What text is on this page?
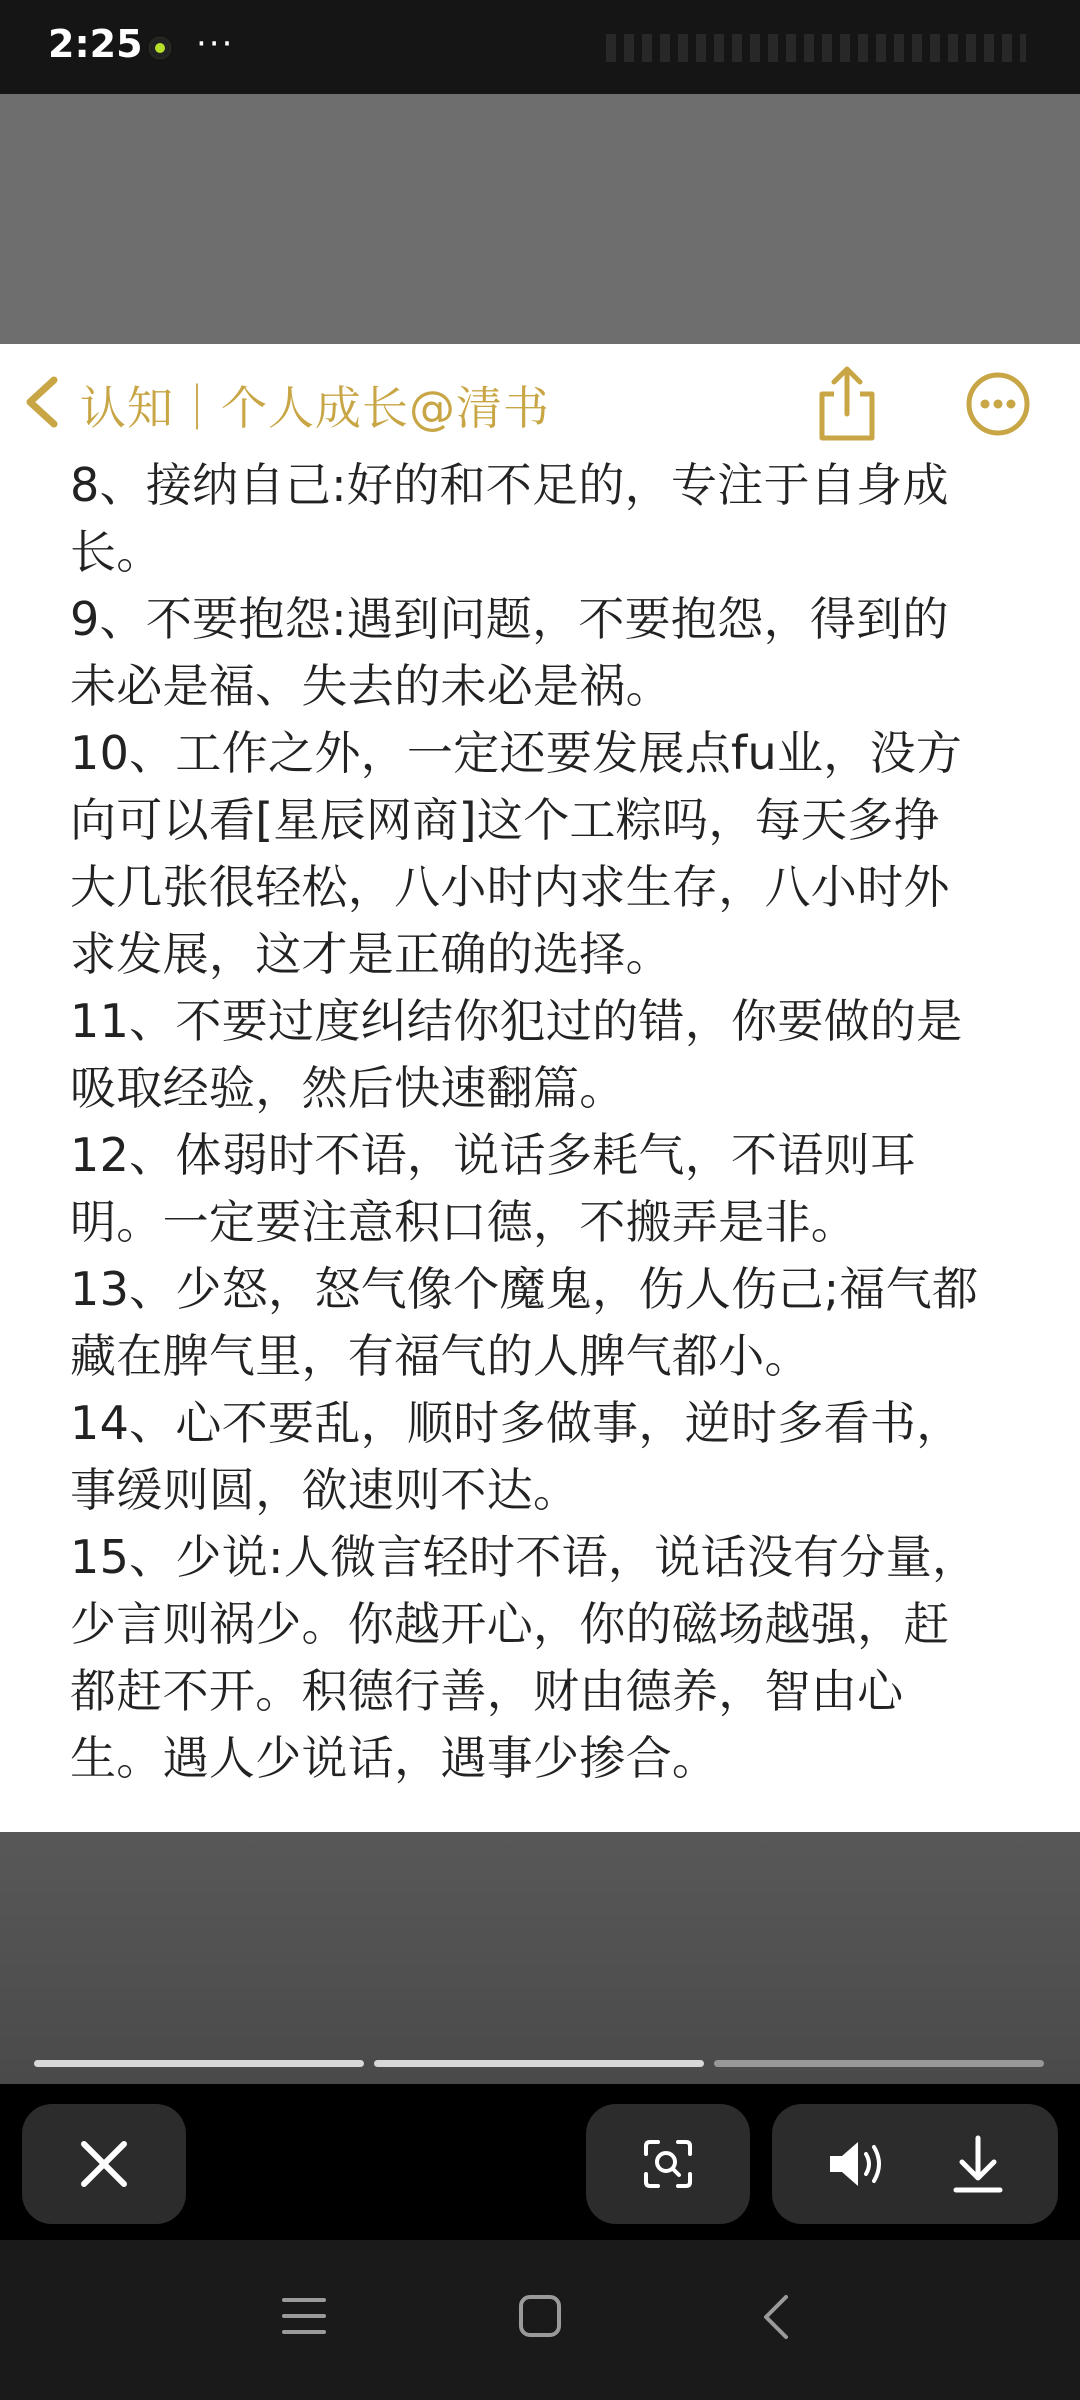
2:25 ···
认知｜个人成长@清书
8、接纳自己:好的和不足的，专注于自身成
长。
9、不要抱怨:遇到问题，不要抱怨，得到的
未必是福、失去的未必是祸。
10、工作之外，一定还要发展点fu业，没方
向可以看[星辰网商]这个工粽吗，每天多挣
大几张很轻松，八小时内求生存，八小时外
求发展，这才是正确的选择。
11、不要过度纠结你犯过的错，你要做的是
吸取经验，然后快速翻篇。
12、体弱时不语，说话多耗气，不语则耳
明。一定要注意积口德，不搬弄是非。
13、少怒，怒气像个魔鬼，伤人伤己;福气都
藏在脾气里，有福气的人脾气都小。
14、心不要乱，顺时多做事，逆时多看书，
事缓则圆，欲速则不达。
15、少说:人微言轻时不语，说话没有分量，
少言则祸少。你越开心，你的磁场越强，赶
都赶不开。积德行善，财由德养，智由心
生。遇人少说话，遇事少掺合。
